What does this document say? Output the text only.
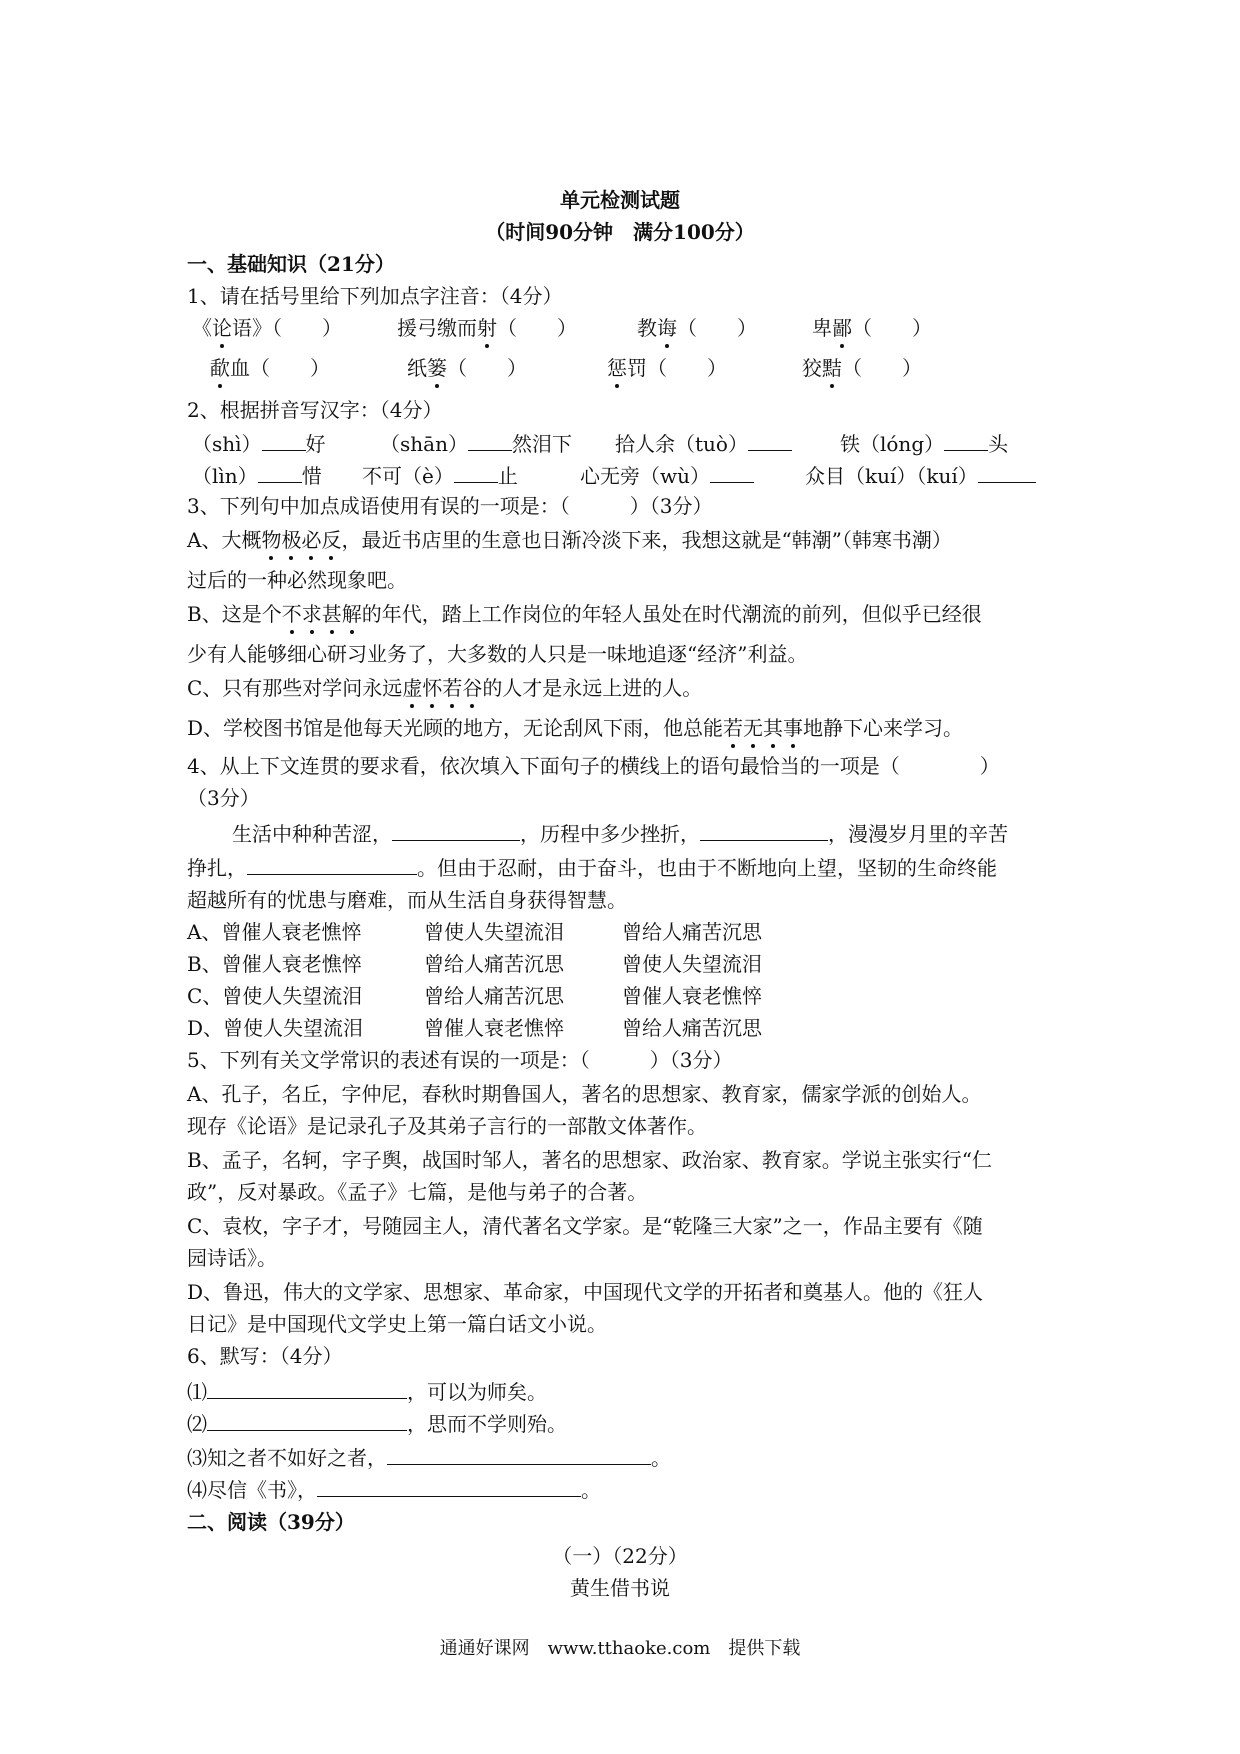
单元检测试题
（时间90分钟　满分100分）
一、基础知识（21分）
1、请在括号里给下列加点字注音：（4分）
《论语》（　　）	援弓缴而射（　　）	教诲（　　）	卑鄙（　　）
歃血（　　）	纸篓（　　）	惩罚（　　）	狡黠（　　）
2、根据拼音写汉字：（4分）
（shì） 好	（shān） 然泪下 拾人余（tuò）	铁（lóng） 头
（lìn） 惜 不可（è） 止	心无旁（wù）	众目（kuí）（kuí）
3、下列句中加点成语使用有误的一项是：（　　　）（3分）
A、大概物极必反，最近书店里的生意也日渐冷淡下来，我想这就是“韩潮”（韩寒书潮）
过后的一种必然现象吧。
B、这是个不求甚解的年代，踏上工作岗位的年轻人虽处在时代潮流的前列，但似乎已经很
少有人能够细心研习业务了，大多数的人只是一味地追逐“经济”利益。
C、只有那些对学问永远虚怀若谷的人才是永远上进的人。
D、学校图书馆是他每天光顾的地方，无论刮风下雨，他总能若无其事地静下心来学习。
4、从上下文连贯的要求看，依次填入下面句子的横线上的语句最恰当的一项是（　　　　）
（3分）
生活中种种苦涩，	，历程中多少挫折，	，漫漫岁月里的辛苦
挣扎，	。但由于忍耐，由于奋斗，也由于不断地向上望，坚韧的生命终能
超越所有的忧患与磨难，而从生活自身获得智慧。
A、曾催人衰老憔悴	曾使人失望流泪	曾给人痛苦沉思
B、曾催人衰老憔悴	曾给人痛苦沉思	曾使人失望流泪
C、曾使人失望流泪	曾给人痛苦沉思	曾催人衰老憔悴
D、曾使人失望流泪	曾催人衰老憔悴	曾给人痛苦沉思
5、下列有关文学常识的表述有误的一项是：（　　　）（3分）
A、孔子，名丘，字仲尼，春秋时期鲁国人，著名的思想家、教育家，儒家学派的创始人。
现存《论语》是记录孔子及其弟子言行的一部散文体著作。
B、孟子，名轲，字子舆，战国时邹人，著名的思想家、政治家、教育家。学说主张实行“仁
政”，反对暴政。《孟子》七篇，是他与弟子的合著。
C、袁枚，字子才，号随园主人，清代著名文学家。是“乾隆三大家”之一，作品主要有《随
园诗话》。
D、鲁迅，伟大的文学家、思想家、革命家，中国现代文学的开拓者和奠基人。他的《狂人
日记》是中国现代文学史上第一篇白话文小说。
6、默写：（4分）
⑴	，可以为师矣。
⑵	，思而不学则殆。
⑶知之者不如好之者，	。
⑷尽信《书》，	。
二、阅读（39分）
（一）（22分）
黄生借书说
通通好课网　www.tthaoke.com　提供下载
